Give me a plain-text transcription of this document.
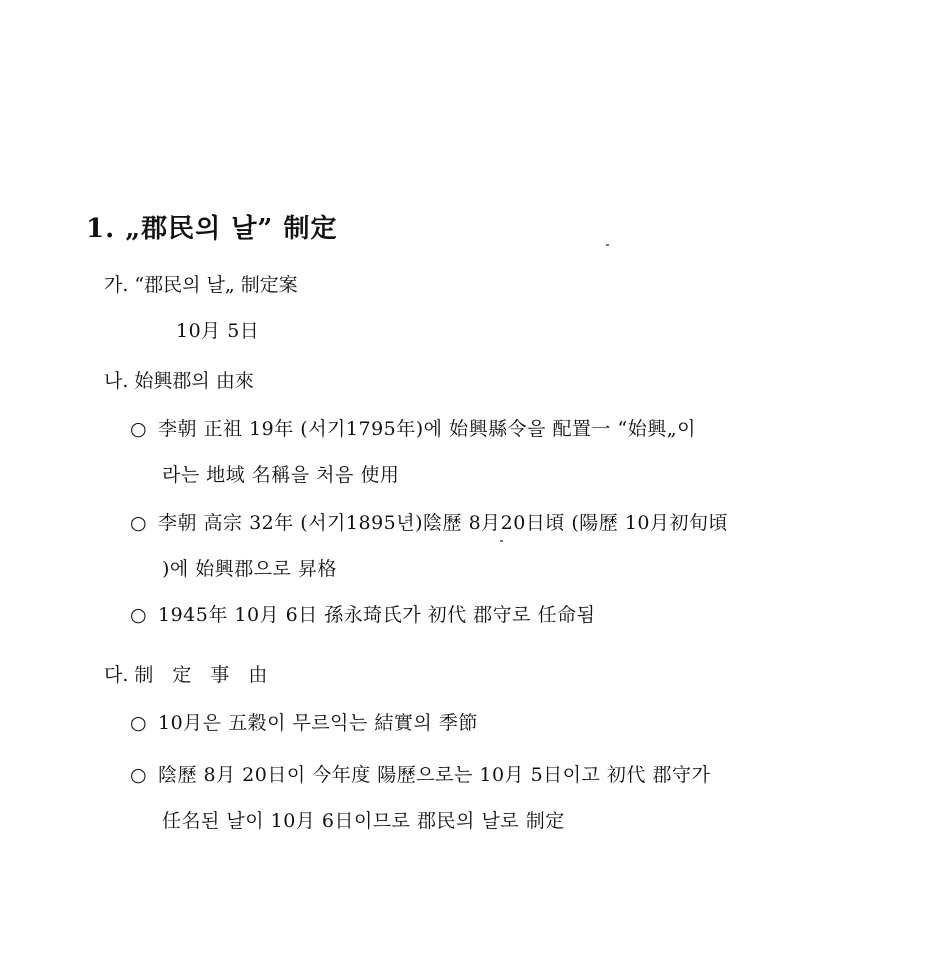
1. „郡民의 날” 制定
가. “郡民의 날„ 制定案
10月 5日
나. 始興郡의 由來
○ 李朝 正祖 19年 (서기1795年)에 始興縣令을 配置一 “始興„이
라는 地域 名稱을 처음 使用
○ 李朝 高宗 32年 (서기1895년)陰歷 8月20日頃 (陽歷 10月初旬頃
)에 始興郡으로 昇格
○ 1945年 10月 6日 孫永琦氏가 初代 郡守로 任命됨
다. 制　定　事　由
○ 10月은 五穀이 무르익는 結實의 季節
○ 陰歷 8月 20日이 今年度 陽歷으로는 10月 5日이고 初代 郡守가
任名된 날이 10月 6日이므로 郡民의 날로 制定
